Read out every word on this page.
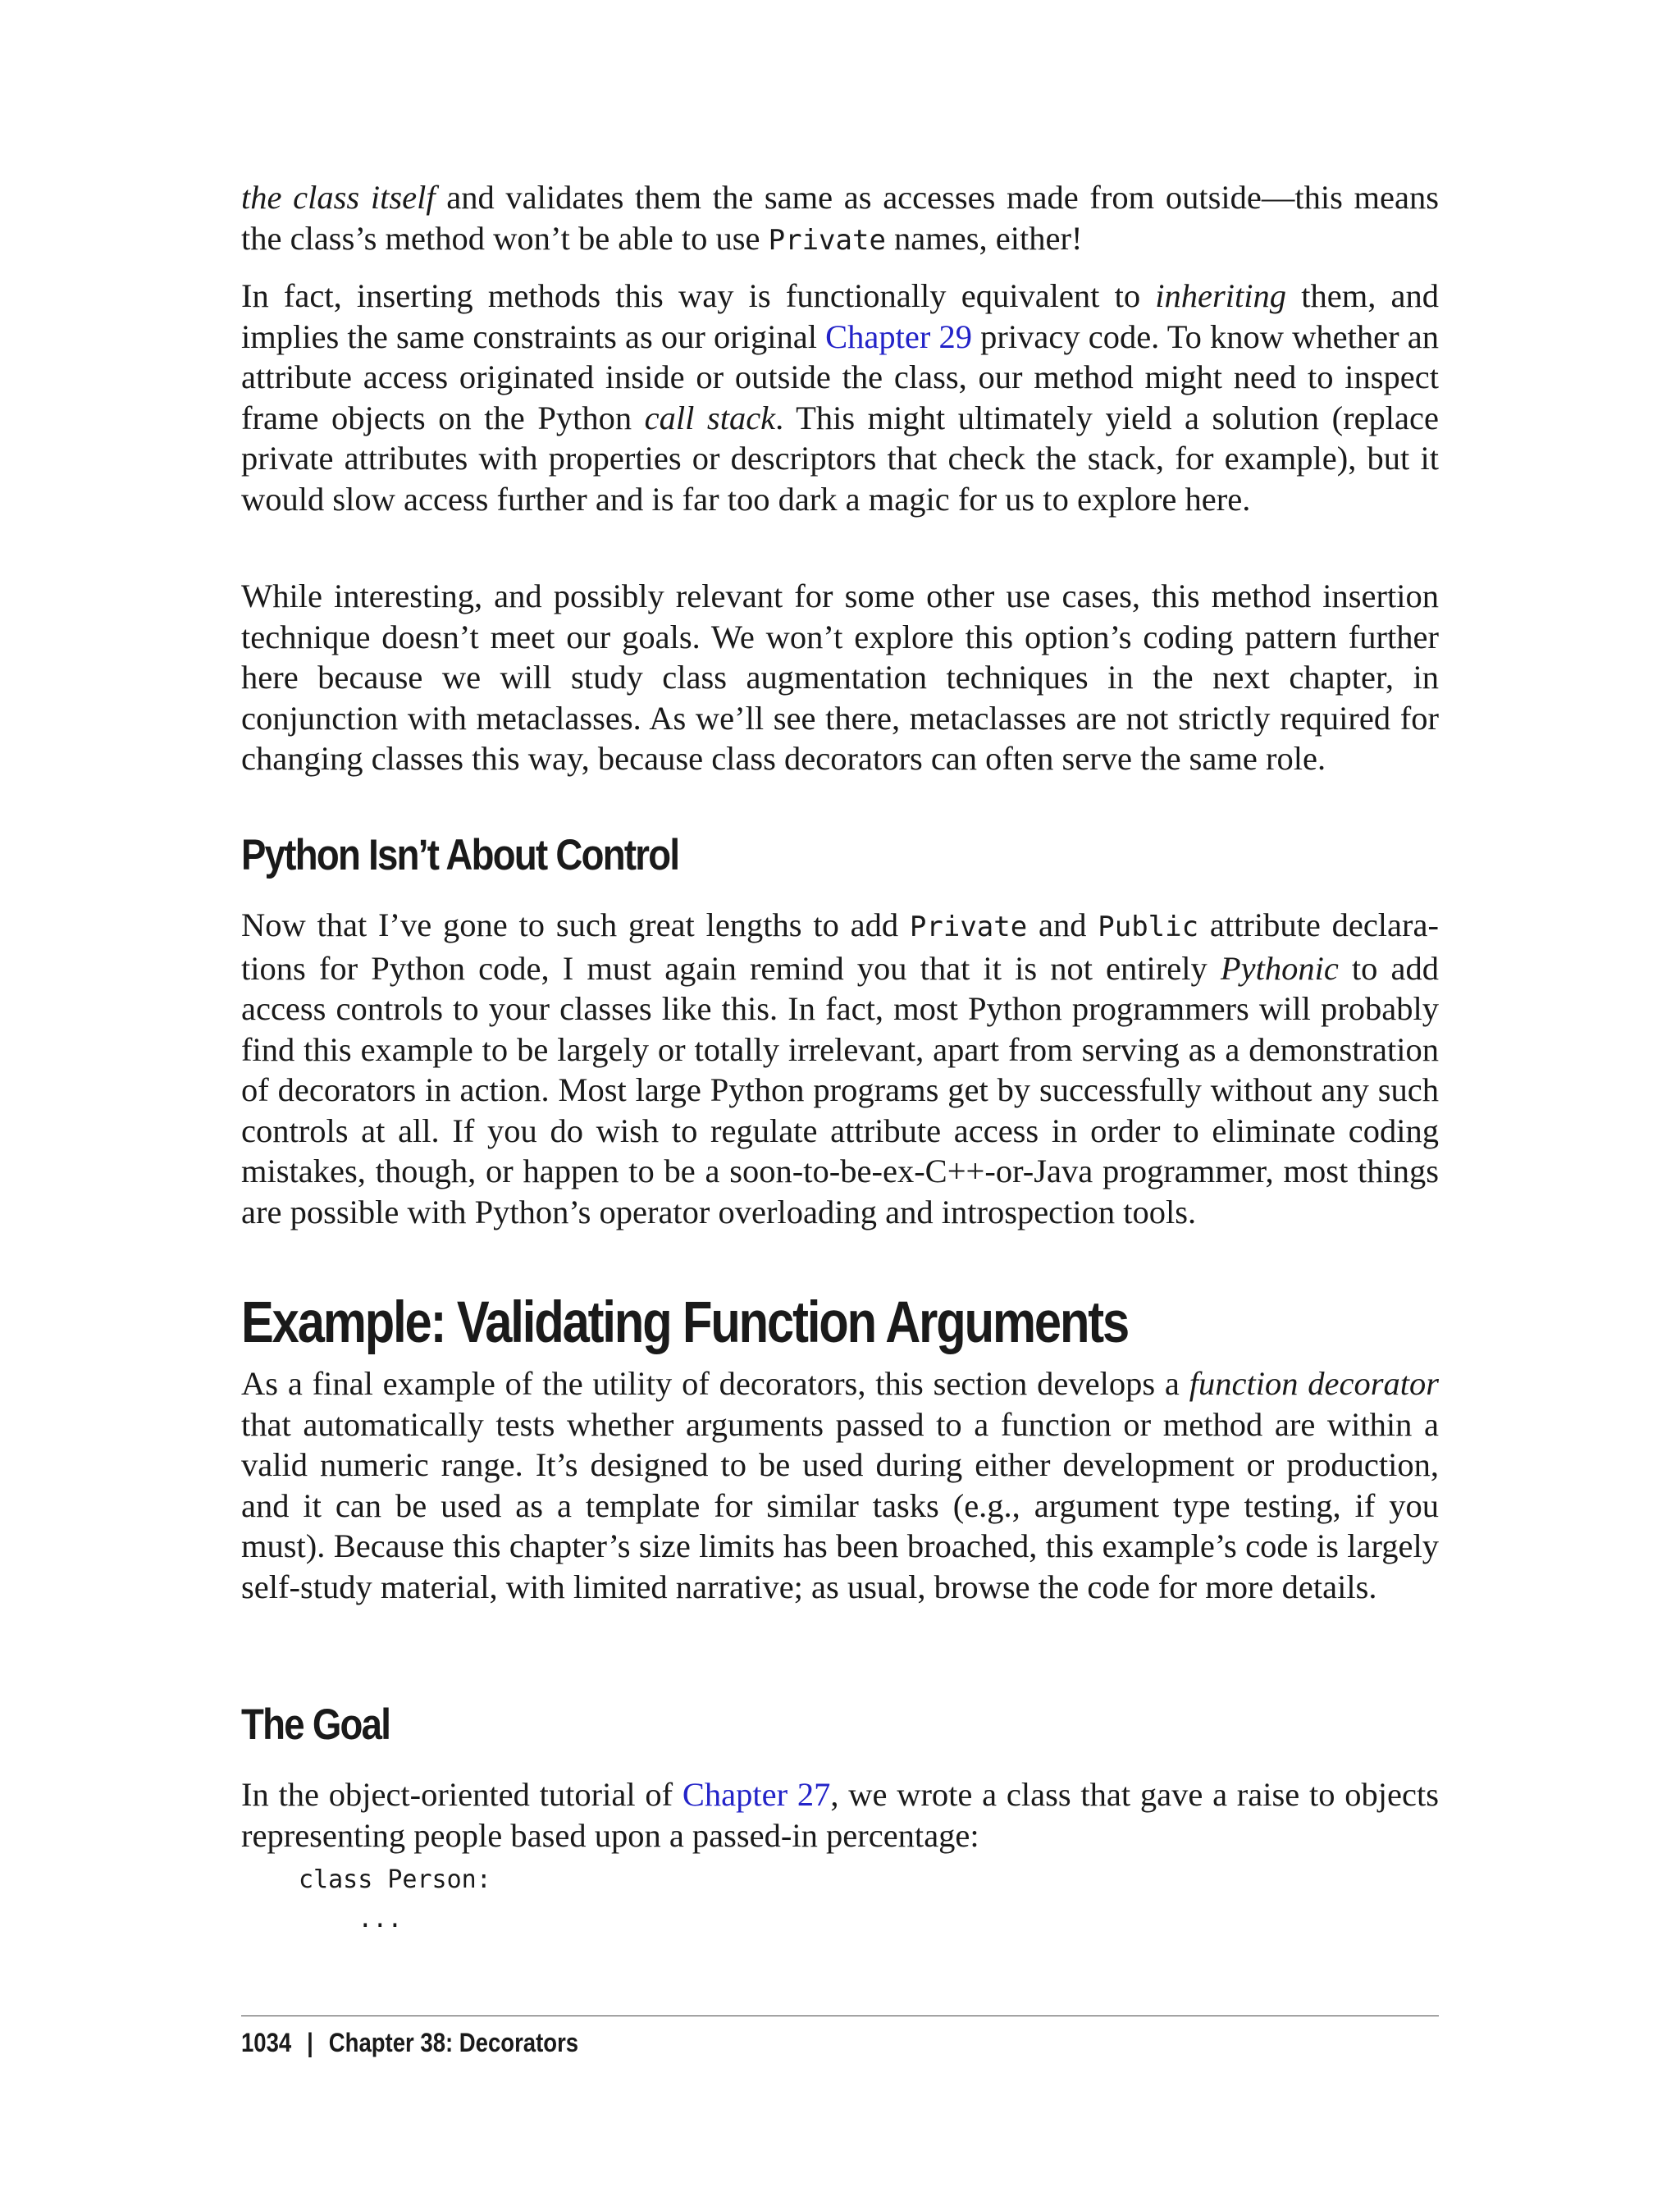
the class itself and validates them the same as accesses made from outside—this means the class’s method won’t be able to use Private names, either!

In fact, inserting methods this way is functionally equivalent to inheriting them, and implies the same constraints as our original Chapter 29 privacy code. To know whether an attribute access originated inside or outside the class, our method might need to inspect frame objects on the Python call stack. This might ultimately yield a solution (replace private attributes with properties or descriptors that check the stack, for example), but it would slow access further and is far too dark a magic for us to explore here.

While interesting, and possibly relevant for some other use cases, this method insertion technique doesn’t meet our goals. We won’t explore this option’s coding pattern further here because we will study class augmentation techniques in the next chapter, in conjunction with metaclasses. As we’ll see there, metaclasses are not strictly required for changing classes this way, because class decorators can often serve the same role.

Python Isn’t About Control

Now that I’ve gone to such great lengths to add Private and Public attribute declarations for Python code, I must again remind you that it is not entirely Pythonic to add access controls to your classes like this. In fact, most Python programmers will probably find this example to be largely or totally irrelevant, apart from serving as a demonstration of decorators in action. Most large Python programs get by successfully without any such controls at all. If you do wish to regulate attribute access in order to eliminate coding mistakes, though, or happen to be a soon-to-be-ex-C++-or-Java programmer, most things are possible with Python’s operator overloading and introspection tools.

Example: Validating Function Arguments

As a final example of the utility of decorators, this section develops a function decorator that automatically tests whether arguments passed to a function or method are within a valid numeric range. It’s designed to be used during either development or production, and it can be used as a template for similar tasks (e.g., argument type testing, if you must). Because this chapter’s size limits has been broached, this example’s code is largely self-study material, with limited narrative; as usual, browse the code for more details.

The Goal

In the object-oriented tutorial of Chapter 27, we wrote a class that gave a raise to objects representing people based upon a passed-in percentage:

class Person:
...
1034 | Chapter 38: Decorators
